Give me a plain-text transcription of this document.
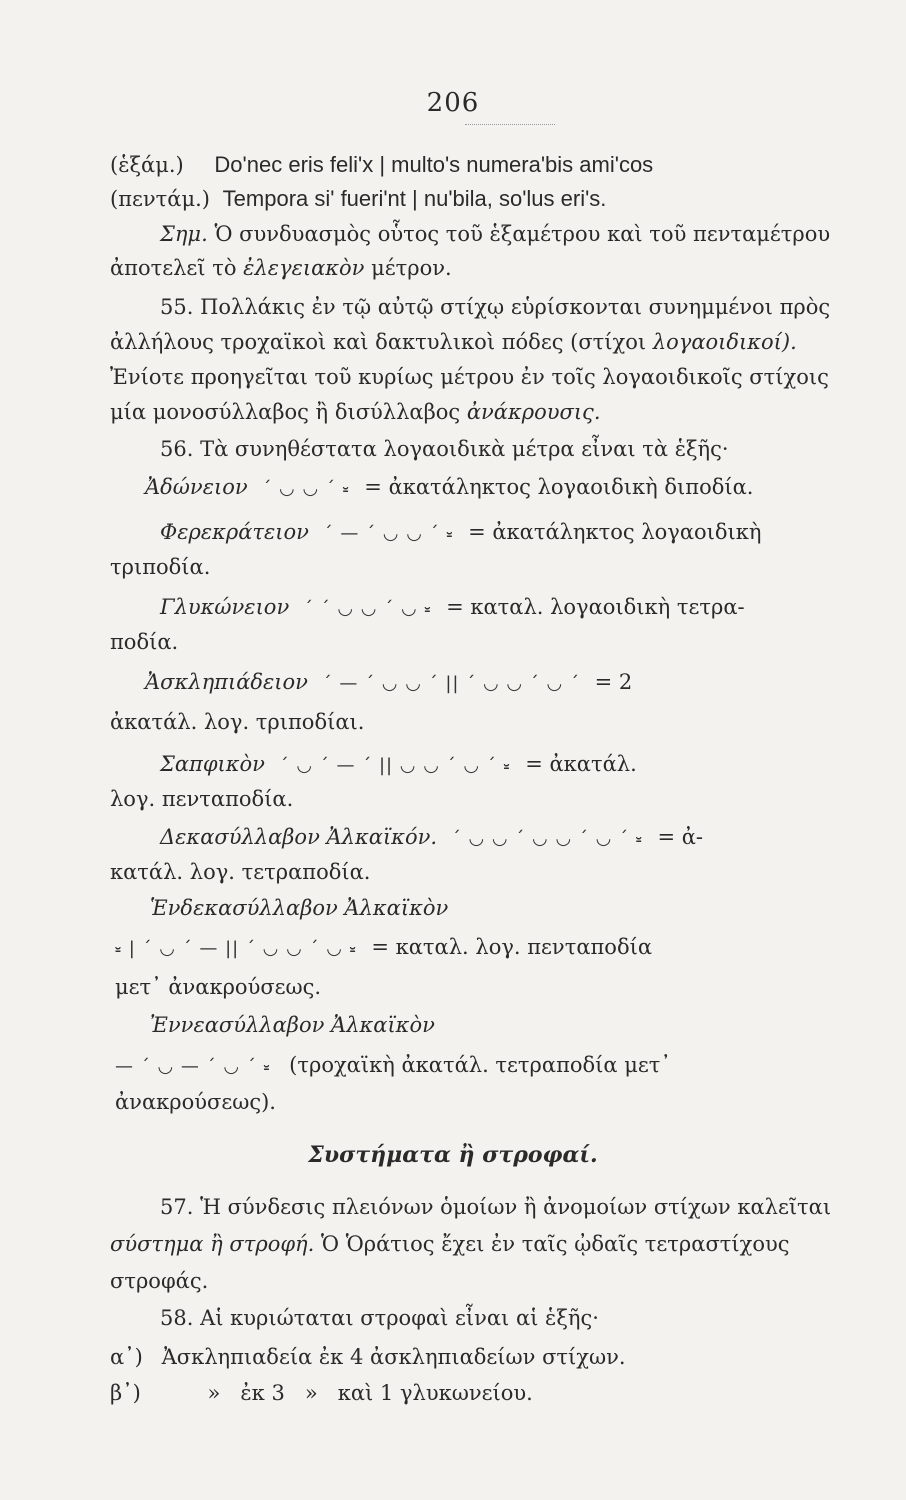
206
(ἑξάμ.) Do'nec eris feli'x | multo's numera'bis ami'cos
(πεντάμ.) Tempora si' fueri'nt | nu'bila, so'lus eri's.
Σημ. Ὁ συνδυασμὸς οὗτος τοῦ ἑξαμέτρου καὶ τοῦ πενταμέτρου
ἀποτελεῖ τὸ ἐλεγειακὸν μέτρον.
55. Πολλάκις ἐν τῷ αὐτῷ στίχῳ εὑρίσκονται συνημμένοι πρὸς
ἀλλήλους τροχαϊκοὶ καὶ δακτυλικοὶ πόδες (στίχοι λογαοιδικοί).
Ἐνίοτε προηγεῖται τοῦ κυρίως μέτρου ἐν τοῖς λογαοιδικοῖς στίχοις
μία μονοσύλλαβος ἢ δισύλλαβος ἀνάκρουσις.
56. Τὰ συνηθέστατα λογαοιδικὰ μέτρα εἶναι τὰ ἑξῆς·
Ἀδώνειον ˊ ◡ ◡ ˊ ⏓ = ἀκατάληκτος λογαοιδικὴ διποδία.
Φερεκράτειον ˊ — ˊ ◡ ◡ ˊ ⏓ = ἀκατάληκτος λογαοιδικὴ
τριποδία.
Γλυκώνειον ˊ ˊ ◡ ◡ ˊ ◡ ⏓ = καταλ. λογαοιδικὴ τετρα-
ποδία.
Ἀσκληπιάδειον ˊ — ˊ ◡ ◡ ˊ || ˊ ◡ ◡ ˊ ◡ ˊ = 2
ἀκατάλ. λογ. τριποδίαι.
Σαπφικὸν ˊ ◡ ˊ — ˊ || ◡ ◡ ˊ ◡ ˊ ⏓ = ἀκατάλ.
λογ. πενταποδία.
Δεκασύλλαβον Ἀλκαϊκόν. ˊ ◡ ◡ ˊ ◡ ◡ ˊ ◡ ˊ ⏓ = ἀ-
κατάλ. λογ. τετραποδία.
Ἑνδεκασύλλαβον Ἀλκαϊκὸν
⏓ | ˊ ◡ ˊ — || ˊ ◡ ◡ ˊ ◡ ⏓ = καταλ. λογ. πενταποδία
μετ᾽ ἀνακρούσεως.
Ἐννεασύλλαβον Ἀλκαϊκὸν
— ˊ ◡ — ˊ ◡ ˊ ⏓ (τροχαϊκὴ ἀκατάλ. τετραποδία μετ᾽
ἀνακρούσεως).
Συστήματα ἢ στροφαί.
57. Ἡ σύνδεσις πλειόνων ὁμοίων ἢ ἀνομοίων στίχων καλεῖται
σύστημα ἢ στροφή. Ὁ Ὁράτιος ἔχει ἐν ταῖς ᾠδαῖς τετραστίχους
στροφάς.
58. Αἱ κυριώταται στροφαὶ εἶναι αἱ ἑξῆς·
α᾽) Ἀσκληπιαδεία ἐκ 4 ἀσκληπιαδείων στίχων.
β᾽)	»   ἐκ 3   »   καὶ 1 γλυκωνείου.
